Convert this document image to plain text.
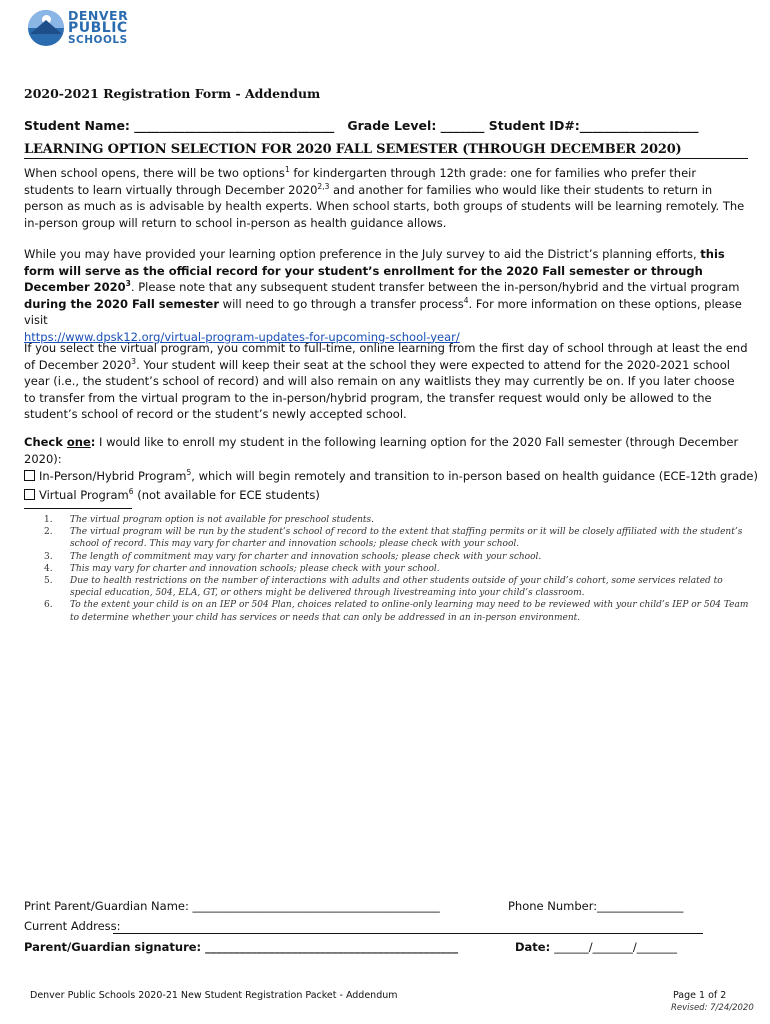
DENVER
PUBLIC
SCHOOLS
2020-2021 Registration Form - Addendum
Student Name: ________________________________   Grade Level: _______ Student ID#:___________________
LEARNING OPTION SELECTION FOR 2020 FALL SEMESTER (THROUGH DECEMBER 2020)
When school opens, there will be two options$^1$ for kindergarten through 12th grade: one for families who prefer their students to learn virtually through December 2020$^{2,3}$ and another for families who would like their students to return in person as much as is advisable by health experts. When school starts, both groups of students will be learning remotely. The in-person group will return to school in-person as health guidance allows.
While you may have provided your learning option preference in the July survey to aid the District’s planning efforts, this form will serve as the official record for your student’s enrollment for the 2020 Fall semester or through December 2020$^3$. Please note that any subsequent student transfer between the in-person/hybrid and the virtual program during the 2020 Fall semester will need to go through a transfer process$^4$. For more information on these options, please visit
https://www.dpsk12.org/virtual-program-updates-for-upcoming-school-year/
If you select the virtual program, you commit to full-time, online learning from the first day of school through at least the end of December 2020$^3$. Your student will keep their seat at the school they were expected to attend for the 2020-2021 school year (i.e., the student’s school of record) and will also remain on any waitlists they may currently be on. If you later choose to transfer from the virtual program to the in-person/hybrid program, the transfer request would only be allowed to the student’s school of record or the student’s newly accepted school.
Check one: I would like to enroll my student in the following learning option for the 2020 Fall semester (through December 2020):
In-Person/Hybrid Program$^5$, which will begin remotely and transition to in-person based on health guidance (ECE-12th grade)
Virtual Program$^6$ (not available for ECE students)
1. The virtual program option is not available for preschool students.
2. The virtual program will be run by the student’s school of record to the extent that staffing permits or it will be closely affiliated with the student’s school of record. This may vary for charter and innovation schools; please check with your school.
3. The length of commitment may vary for charter and innovation schools; please check with your school.
4. This may vary for charter and innovation schools; please check with your school.
5. Due to health restrictions on the number of interactions with adults and other students outside of your child’s cohort, some services related to special education, 504, ELA, GT, or others might be delivered through livestreaming into your child’s classroom.
6. To the extent your child is on an IEP or 504 Plan, choices related to online-only learning may need to be reviewed with your child’s IEP or 504 Team to determine whether your child has services or needs that can only be addressed in an in-person environment.
Print Parent/Guardian Name: ___________________________________________	Phone Number:_______________
Current Address:
Parent/Guardian signature: ____________________________________________	Date: ______/_______/_______
Denver Public Schools 2020-21 New Student Registration Packet - Addendum	Page 1 of 2
Revised: 7/24/2020
